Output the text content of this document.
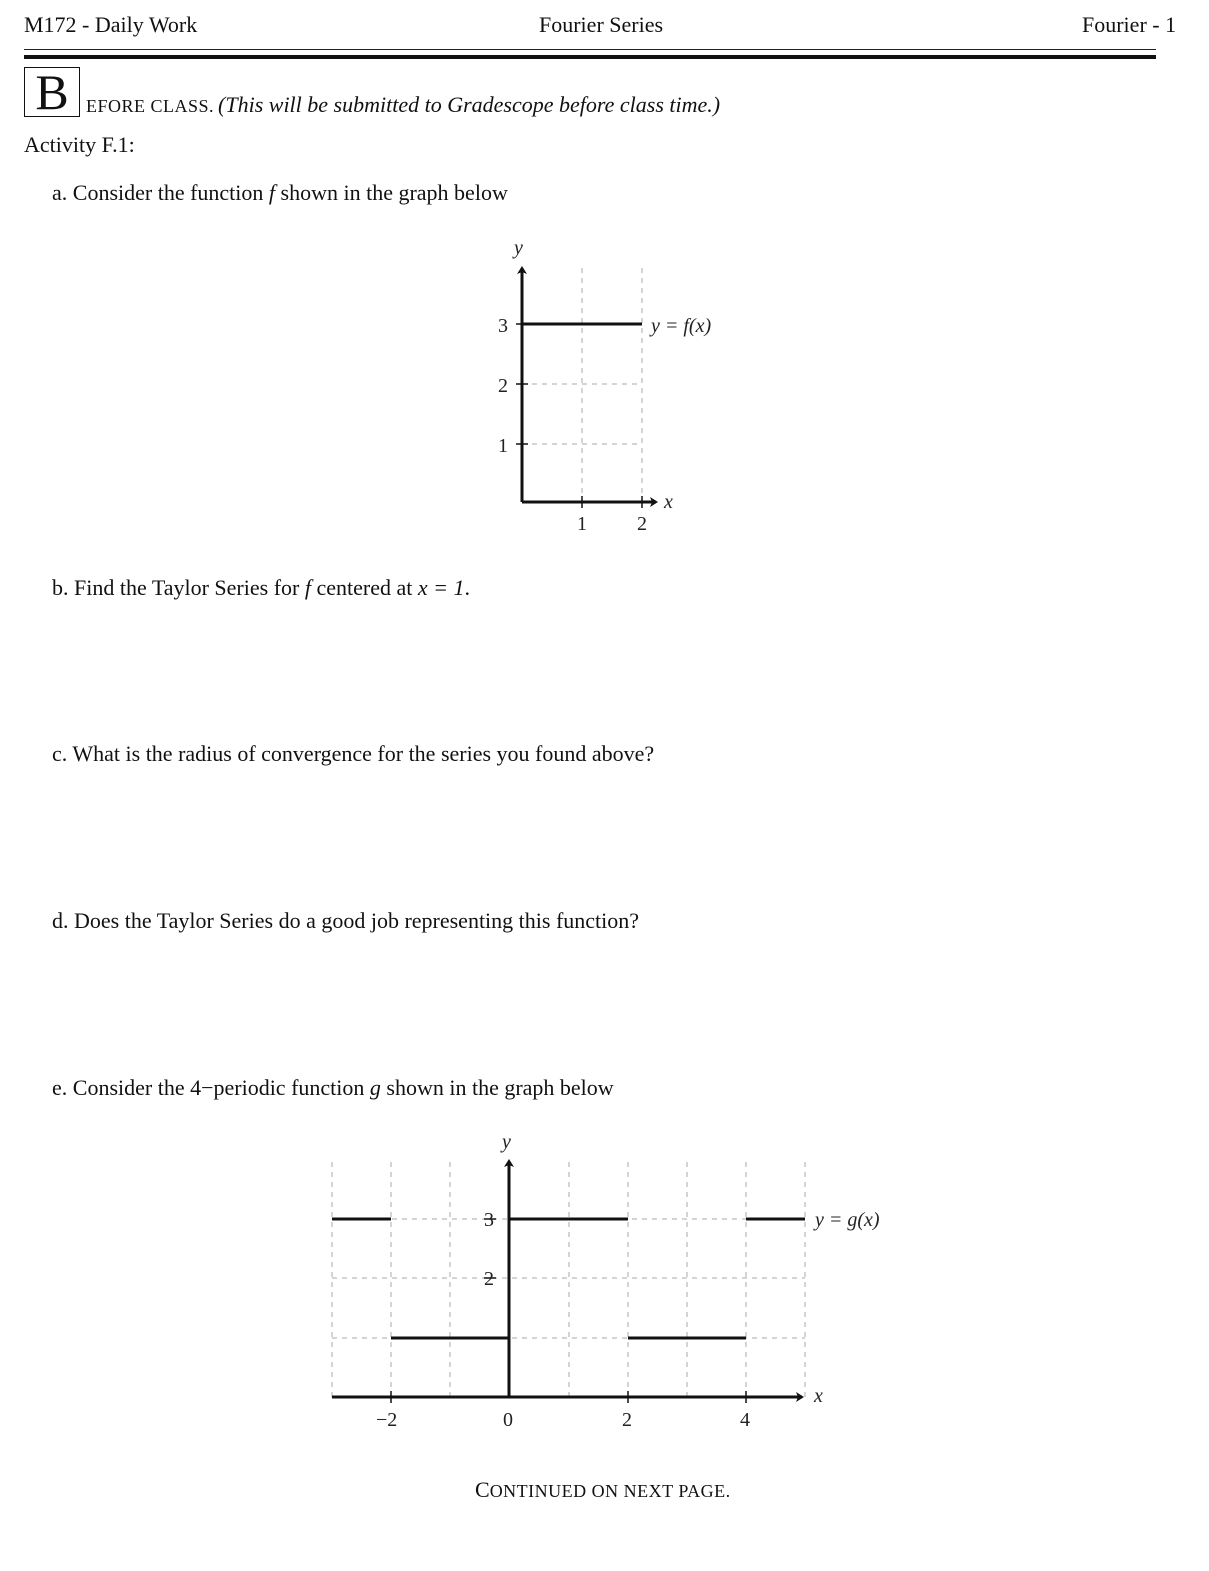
M172 - Daily Work	Fourier Series	Fourier - 1
B EFORE CLASS. (This will be submitted to Gradescope before class time.)
Activity F.1:
a. Consider the function f shown in the graph below
y
x
3
2
1
1	2
y = f(x)
b. Find the Taylor Series for f centered at x = 1.
c. What is the radius of convergence for the series you found above?
d. Does the Taylor Series do a good job representing this function?
e. Consider the 4−periodic function g shown in the graph below
y
x
3
2
−2	0	2	4
y = g(x)
CONTINUED ON NEXT PAGE.
